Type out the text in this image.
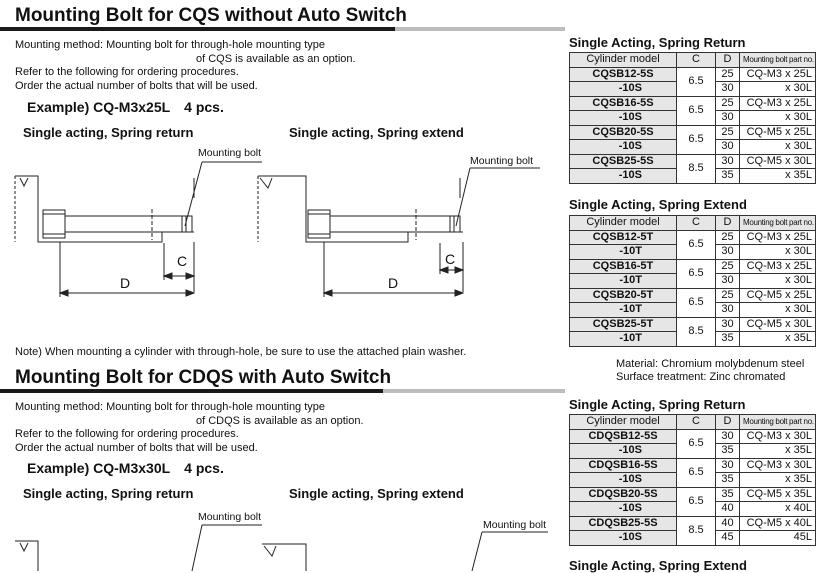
Mounting Bolt for CQS without Auto Switch
Mounting method: Mounting bolt for through-hole mounting type
of CQS is available as an option.
Refer to the following for ordering procedures.
Order the actual number of bolts that will be used.
Example) CQ-M3x25L 4 pcs.
Single acting, Spring return	Single acting, Spring extend
Mounting bolt
C
D
Mounting bolt
C
D
Note) When mounting a cylinder with through-hole, be sure to use the attached plain washer.
Mounting Bolt for CDQS with Auto Switch
Mounting method: Mounting bolt for through-hole mounting type
of CDQS is available as an option.
Refer to the following for ordering procedures.
Order the actual number of bolts that will be used.
Example) CQ-M3x30L 4 pcs.
Single acting, Spring return	Single acting, Spring extend
Mounting bolt
Mounting bolt
Single Acting, Spring Return
Cylinder model	C	D	Mounting bolt part no.
CQSB12-5S	6.5	25	CQ-M3 x 25L
-10S		30	x 30L
CQSB16-5S	6.5	25	CQ-M3 x 25L
-10S		30	x 30L
CQSB20-5S	6.5	25	CQ-M5 x 25L
-10S		30	x 30L
CQSB25-5S	8.5	30	CQ-M5 x 30L
-10S		35	x 35L
Single Acting, Spring Extend
Cylinder model	C	D	Mounting bolt part no.
CQSB12-5T	6.5	25	CQ-M3 x 25L
-10T		30	x 30L
CQSB16-5T	6.5	25	CQ-M3 x 25L
-10T		30	x 30L
CQSB20-5T	6.5	25	CQ-M5 x 25L
-10T		30	x 30L
CQSB25-5T	8.5	30	CQ-M5 x 30L
-10T		35	x 35L
Material: Chromium molybdenum steel
Surface treatment: Zinc chromated
Single Acting, Spring Return
Cylinder model	C	D	Mounting bolt part no.
CDQSB12-5S	6.5	30	CQ-M3 x 30L
-10S		35	x 35L
CDQSB16-5S	6.5	30	CQ-M3 x 30L
-10S		35	x 35L
CDQSB20-5S	6.5	35	CQ-M5 x 35L
-10S		40	x 40L
CDQSB25-5S	8.5	40	CQ-M5 x 40L
-10S		45	45L
Single Acting, Spring Extend
